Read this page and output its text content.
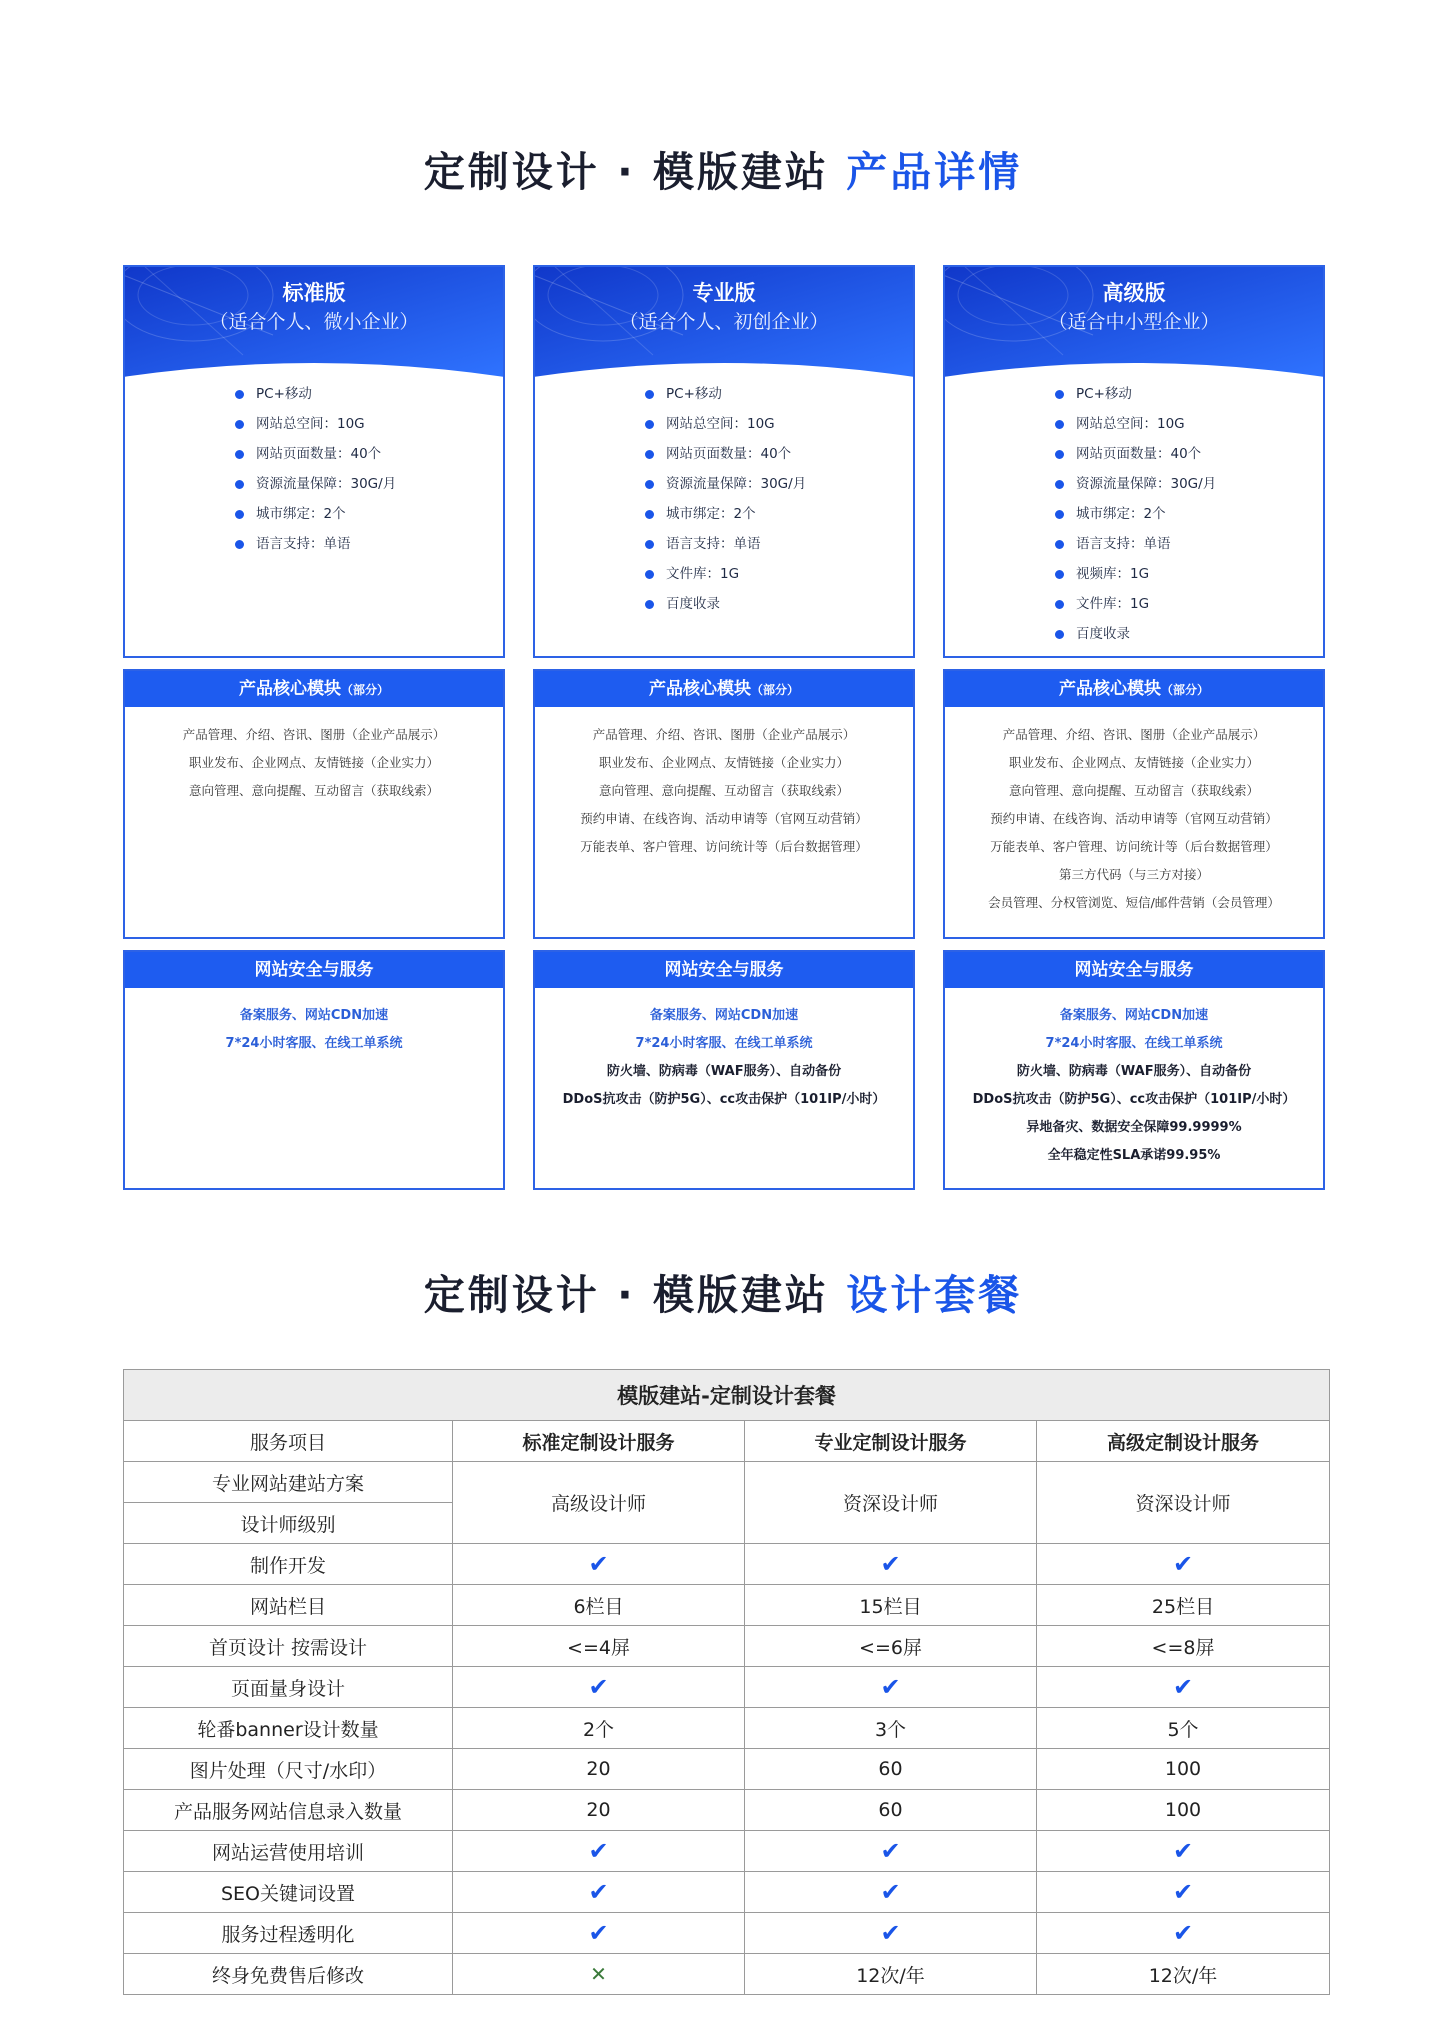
定制设计 · 模版建站 产品详情
标准版
（适合个人、微小企业）
PC+移动
网站总空间：10G
网站页面数量：40个
资源流量保障：30G/月
城市绑定：2个
语言支持：单语
产品核心模块（部分）
产品管理、介绍、咨讯、图册（企业产品展示）
职业发布、企业网点、友情链接（企业实力）
意向管理、意向提醒、互动留言（获取线索）
网站安全与服务
备案服务、网站CDN加速
7*24小时客服、在线工单系统
专业版
（适合个人、初创企业）
PC+移动
网站总空间：10G
网站页面数量：40个
资源流量保障：30G/月
城市绑定：2个
语言支持：单语
文件库：1G
百度收录
产品核心模块（部分）
产品管理、介绍、咨讯、图册（企业产品展示）
职业发布、企业网点、友情链接（企业实力）
意向管理、意向提醒、互动留言（获取线索）
预约申请、在线咨询、活动申请等（官网互动营销）
万能表单、客户管理、访问统计等（后台数据管理）
网站安全与服务
备案服务、网站CDN加速
7*24小时客服、在线工单系统
防火墙、防病毒（WAF服务）、自动备份
DDoS抗攻击（防护5G）、cc攻击保护（101IP/小时）
高级版
（适合中小型企业）
PC+移动
网站总空间：10G
网站页面数量：40个
资源流量保障：30G/月
城市绑定：2个
语言支持：单语
视频库：1G
文件库：1G
百度收录
产品核心模块（部分）
产品管理、介绍、咨讯、图册（企业产品展示）
职业发布、企业网点、友情链接（企业实力）
意向管理、意向提醒、互动留言（获取线索）
预约申请、在线咨询、活动申请等（官网互动营销）
万能表单、客户管理、访问统计等（后台数据管理）
第三方代码（与三方对接）
会员管理、分权管浏览、短信/邮件营销（会员管理）
网站安全与服务
备案服务、网站CDN加速
7*24小时客服、在线工单系统
防火墙、防病毒（WAF服务）、自动备份
DDoS抗攻击（防护5G）、cc攻击保护（101IP/小时）
异地备灾、数据安全保障99.9999%
全年稳定性SLA承诺99.95%
定制设计 · 模版建站 设计套餐
模版建站-定制设计套餐			
服务项目	标准定制设计服务	专业定制设计服务	高级定制设计服务
专业网站建站方案	高级设计师	资深设计师	资深设计师
设计师级别			
制作开发	✔	✔	✔
网站栏目	6栏目	15栏目	25栏目
首页设计 按需设计	<=4屏	<=6屏	<=8屏
页面量身设计	✔	✔	✔
轮番banner设计数量	2个	3个	5个
图片处理（尺寸/水印）	20	60	100
产品服务网站信息录入数量	20	60	100
网站运营使用培训	✔	✔	✔
SEO关键词设置	✔	✔	✔
服务过程透明化	✔	✔	✔
终身免费售后修改	✕	12次/年	12次/年
